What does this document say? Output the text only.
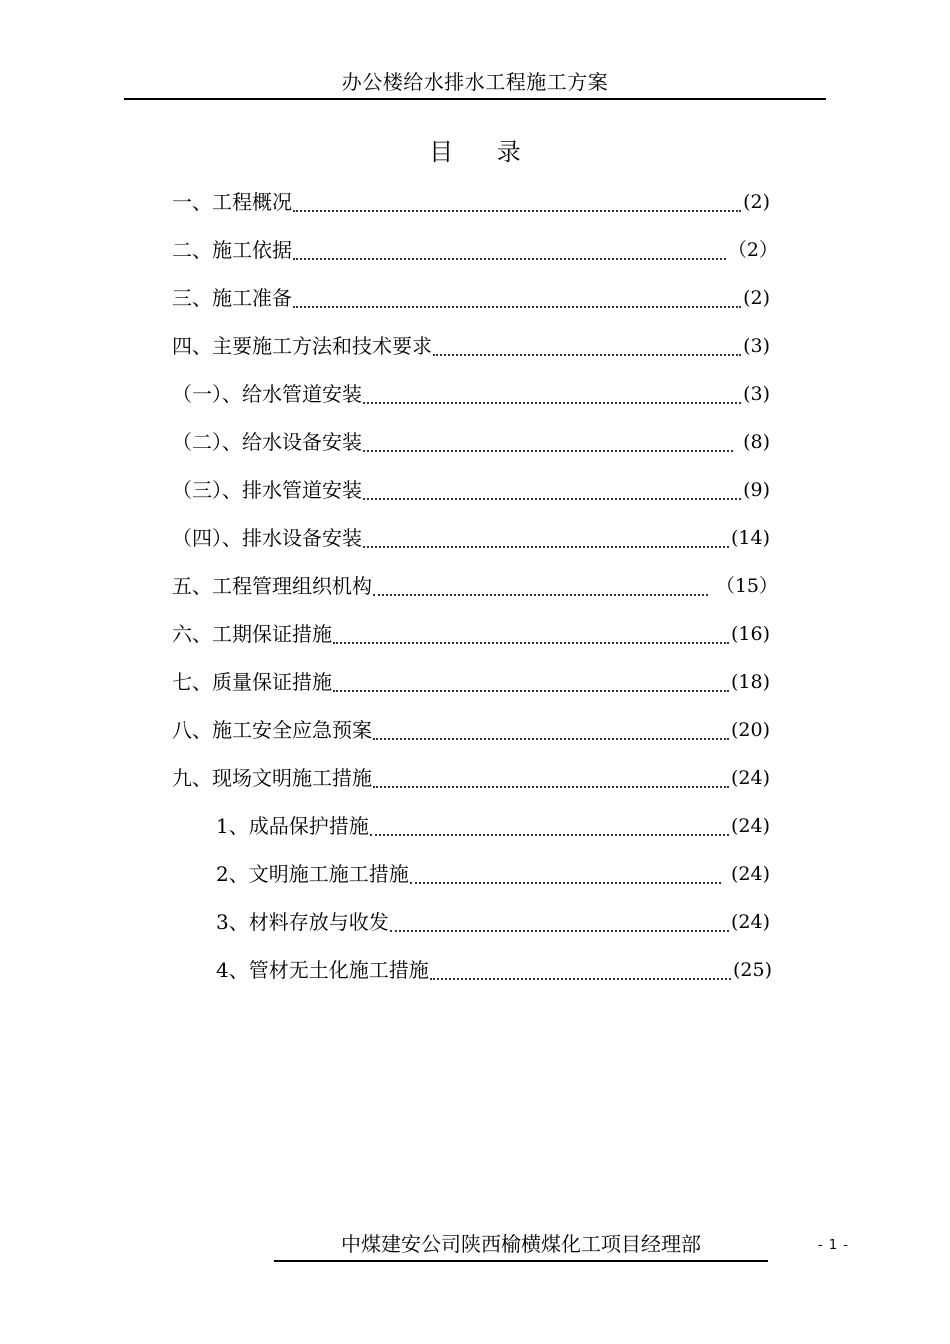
办公楼给水排水工程施工方案
目 录
一、工程概况	(2)
二、施工依据	（2）
三、施工准备	(2)
四、主要施工方法和技术要求	(3)
（一）、给水管道安装	(3)
（二）、给水设备安装	(8)
（三）、排水管道安装	(9)
（四）、排水设备安装	(14)
五、工程管理组织机构	（15）
六、工期保证措施	(16)
七、质量保证措施	(18)
八、施工安全应急预案	(20)
九、现场文明施工措施	(24)
1、成品保护措施	(24)
2、文明施工施工措施	(24)
3、材料存放与收发	(24)
4、管材无土化施工措施	(25)
中煤建安公司陕西榆横煤化工项目经理部	- 1 -
